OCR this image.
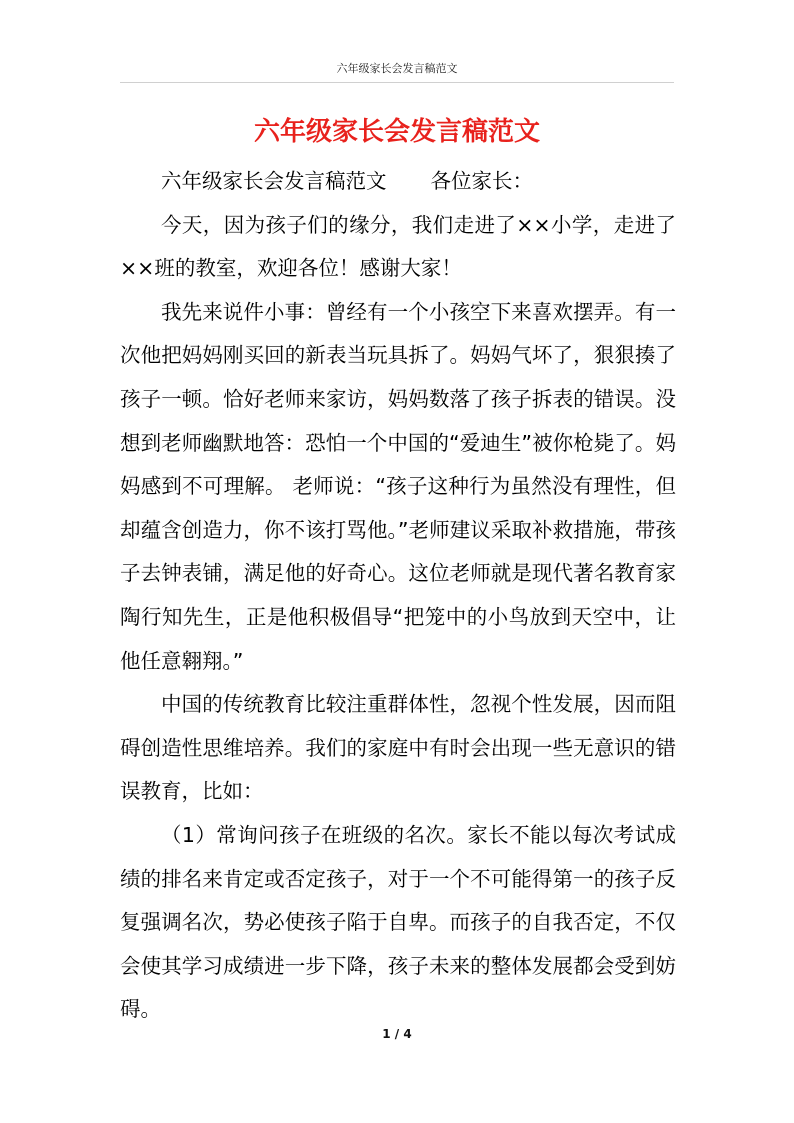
六年级家长会发言稿范文
六年级家长会发言稿范文

六年级家长会发言稿范文 各位家长：

今天，因为孩子们的缘分，我们走进了××小学，走进了××班的教室，欢迎各位！感谢大家！

我先来说件小事：曾经有一个小孩空下来喜欢摆弄。有一次他把妈妈刚买回的新表当玩具拆了。妈妈气坏了，狠狠揍了孩子一顿。恰好老师来家访，妈妈数落了孩子拆表的错误。没想到老师幽默地答：恐怕一个中国的“爱迪生”被你枪毙了。妈妈感到不可理解。 老师说：“孩子这种行为虽然没有理性，但却蕴含创造力，你不该打骂他。”老师建议采取补救措施，带孩子去钟表铺，满足他的好奇心。这位老师就是现代著名教育家陶行知先生，正是他积极倡导“把笼中的小鸟放到天空中，让他任意翱翔。”

中国的传统教育比较注重群体性，忽视个性发展，因而阻碍创造性思维培养。我们的家庭中有时会出现一些无意识的错误教育，比如：

（1）常询问孩子在班级的名次。家长不能以每次考试成绩的排名来肯定或否定孩子，对于一个不可能得第一的孩子反复强调名次，势必使孩子陷于自卑。而孩子的自我否定，不仅会使其学习成绩进一步下降，孩子未来的整体发展都会受到妨碍。

1 / 4
